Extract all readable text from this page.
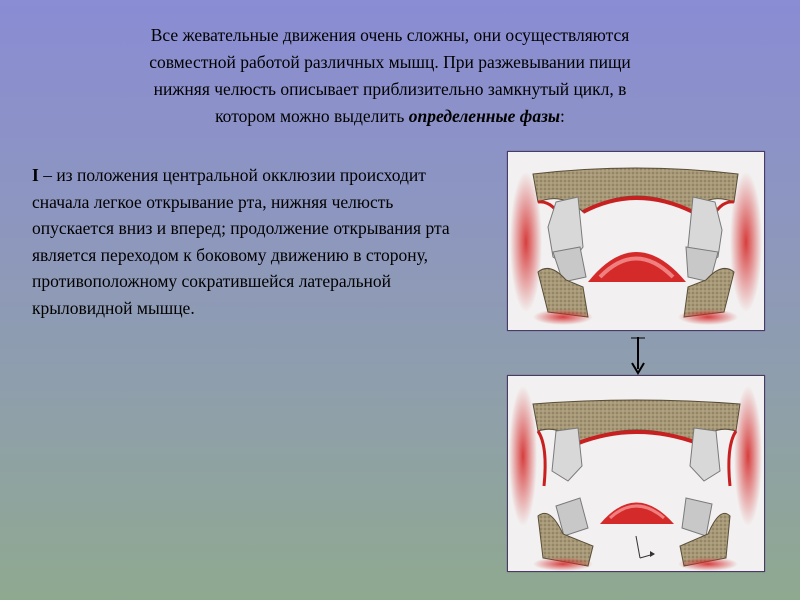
Все жевательные движения очень сложны, они осуществляются
совместной работой различных мышц. При разжевывании пищи
нижняя челюсть описывает приблизительно замкнутый цикл, в
котором можно выделить определенные фазы:
I – из положения центральной окклюзии происходит сначала легкое открывание рта, нижняя челюсть опускается вниз и вперед; продолжение открывания рта является переходом к боковому движению в сторону, противоположному сократившейся латеральной крыловидной мышце.
